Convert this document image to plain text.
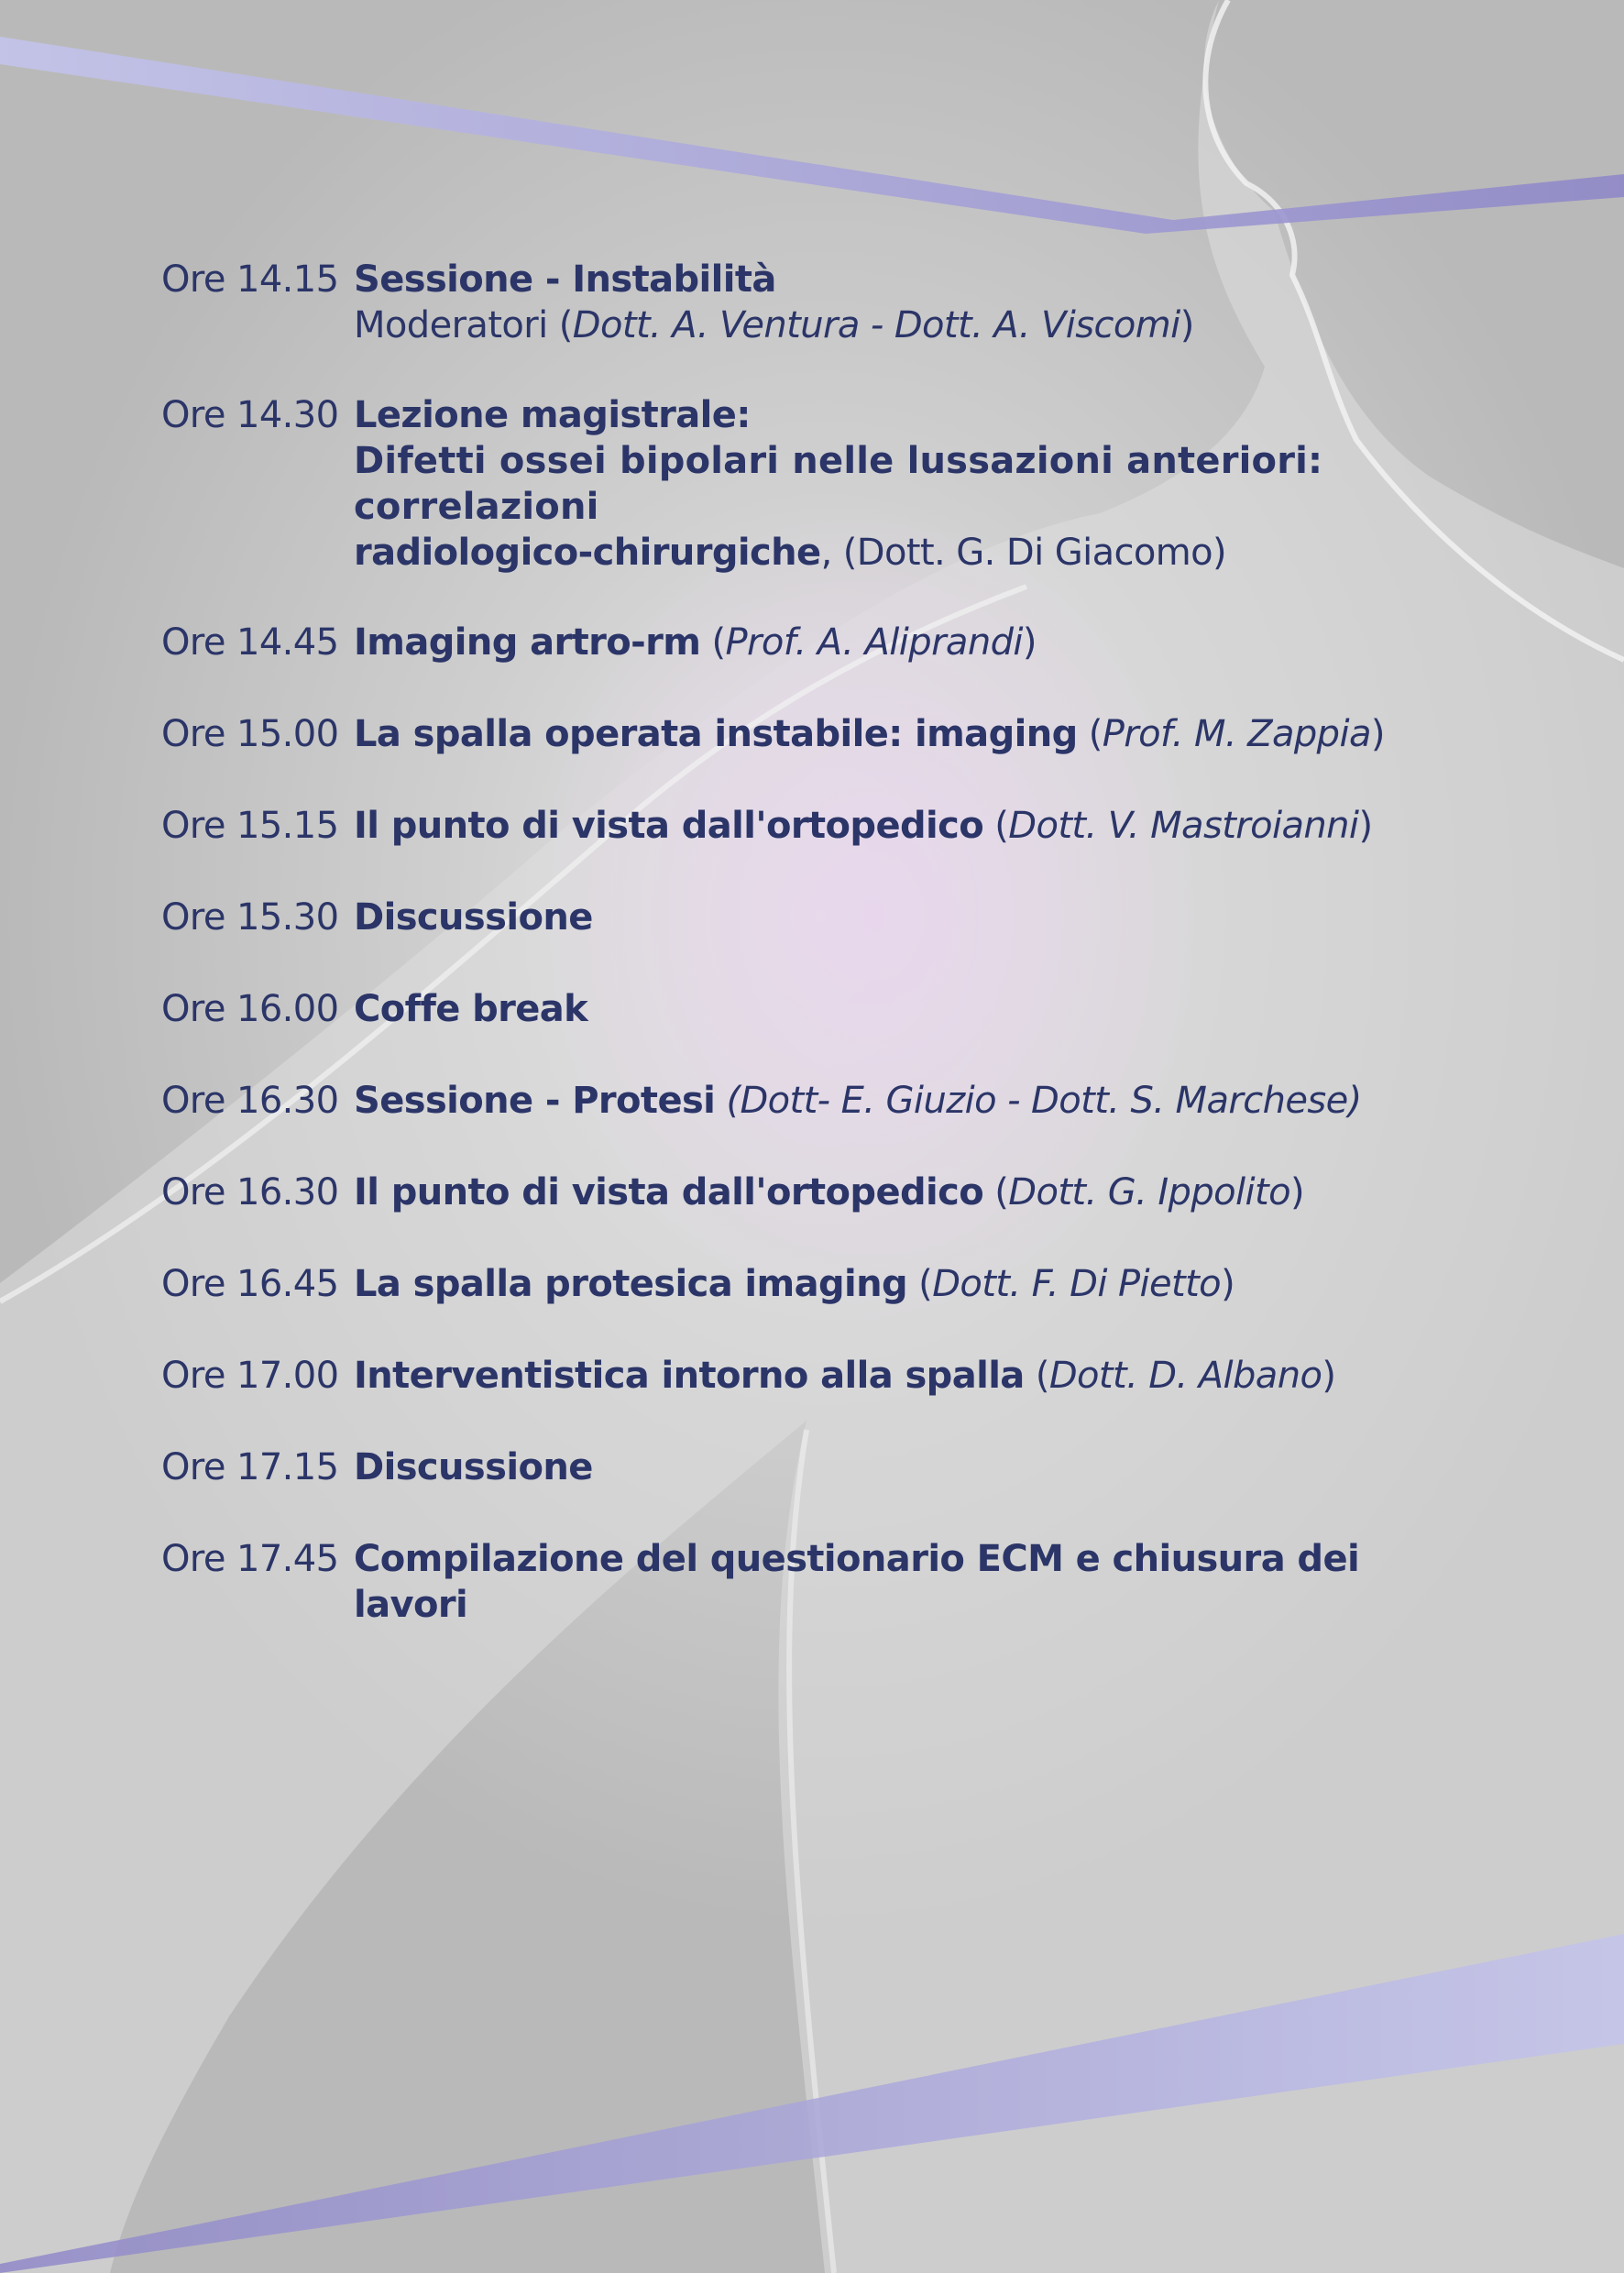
Ore 14.15 Sessione - Instabilità
Moderatori (Dott. A. Ventura - Dott. A. Viscomi)
Ore 14.30 Lezione magistrale:
Difetti ossei bipolari nelle lussazioni anteriori: correlazioni
radiologico-chirurgiche, (Dott. G. Di Giacomo)
Ore 14.45 Imaging artro-rm (Prof. A. Aliprandi)
Ore 15.00 La spalla operata instabile: imaging (Prof. M. Zappia)
Ore 15.15 Il punto di vista dall'ortopedico (Dott. V. Mastroianni)
Ore 15.30 Discussione
Ore 16.00 Coffe break
Ore 16.30 Sessione - Protesi (Dott- E. Giuzio - Dott. S. Marchese)
Ore 16.30 Il punto di vista dall'ortopedico (Dott. G. Ippolito)
Ore 16.45 La spalla protesica imaging (Dott. F. Di Pietto)
Ore 17.00 Interventistica intorno alla spalla (Dott. D. Albano)
Ore 17.15 Discussione
Ore 17.45 Compilazione del questionario ECM e chiusura dei lavori
